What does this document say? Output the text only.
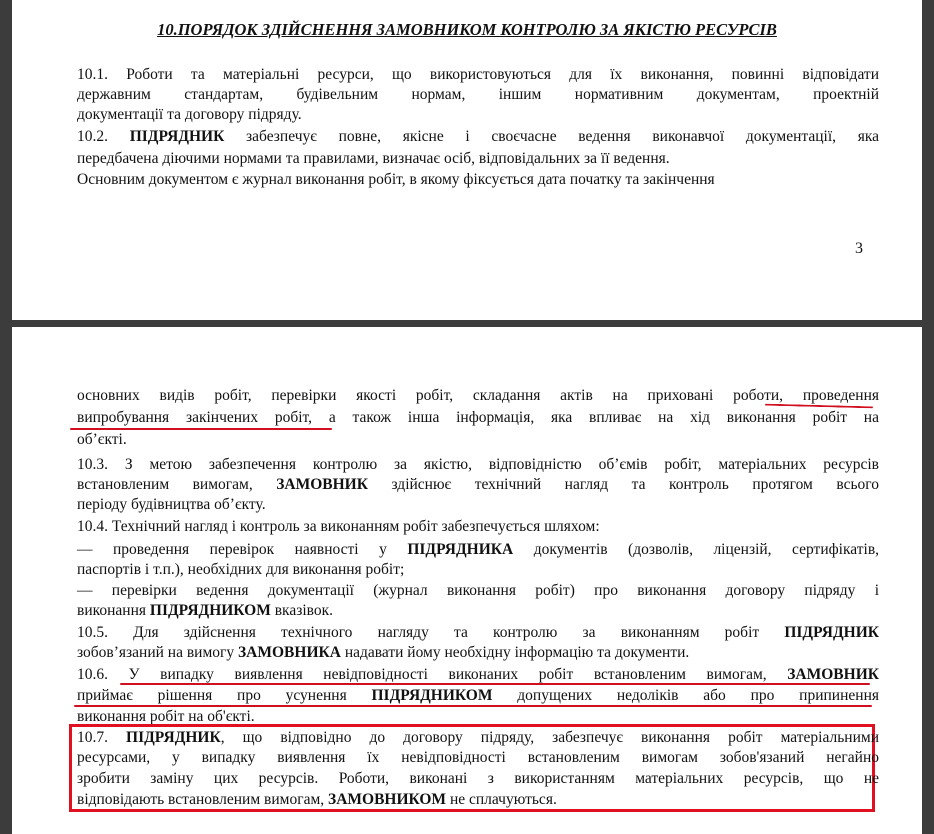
10.ПОРЯДОК ЗДІЙСНЕННЯ ЗАМОВНИКОМ КОНТРОЛЮ ЗА ЯКІСТЮ РЕСУРСІВ
10.1. Роботи та матеріальні ресурси, що використовуються для їх виконання, повинні відповідати
державним стандартам, будівельним нормам, іншим нормативним документам, проектній
документації та договору підряду.
10.2. ПІДРЯДНИК забезпечує повне, якісне і своєчасне ведення виконавчої документації, яка
передбачена діючими нормами та правилами, визначає осіб, відповідальних за її ведення.
Основним документом є журнал виконання робіт, в якому фіксується дата початку та закінчення
3
основних видів робіт, перевірки якості робіт, складання актів на приховані роботи, проведення
випробування закінчених робіт, а також інша інформація, яка впливає на хід виконання робіт на
об’єкті.
10.3. З метою забезпечення контролю за якістю, відповідністю об’ємів робіт, матеріальних ресурсів
встановленим вимогам, ЗАМОВНИК здійснює технічний нагляд та контроль протягом всього
періоду будівництва об’єкту.
10.4. Технічний нагляд і контроль за виконанням робіт забезпечується шляхом:
— проведення перевірок наявності у ПІДРЯДНИКА документів (дозволів, ліцензій, сертифікатів,
паспортів і т.п.), необхідних для виконання робіт;
— перевірки ведення документації (журнал виконання робіт) про виконання договору підряду і
виконання ПІДРЯДНИКОМ вказівок.
10.5. Для здійснення технічного нагляду та контролю за виконанням робіт ПІДРЯДНИК
зобов’язаний на вимогу ЗАМОВНИКА надавати йому необхідну інформацію та документи.
10.6. У випадку виявлення невідповідності виконаних робіт встановленим вимогам, ЗАМОВНИК
приймає рішення про усунення ПІДРЯДНИКОМ допущених недоліків або про припинення
виконання робіт на об'єкті.
10.7. ПІДРЯДНИК, що відповідно до договору підряду, забезпечує виконання робіт матеріальними
ресурсами, у випадку виявлення їх невідповідності встановленим вимогам зобов'язаний негайно
зробити заміну цих ресурсів. Роботи, виконані з використанням матеріальних ресурсів, що не
відповідають встановленим вимогам, ЗАМОВНИКОМ не сплачуються.
